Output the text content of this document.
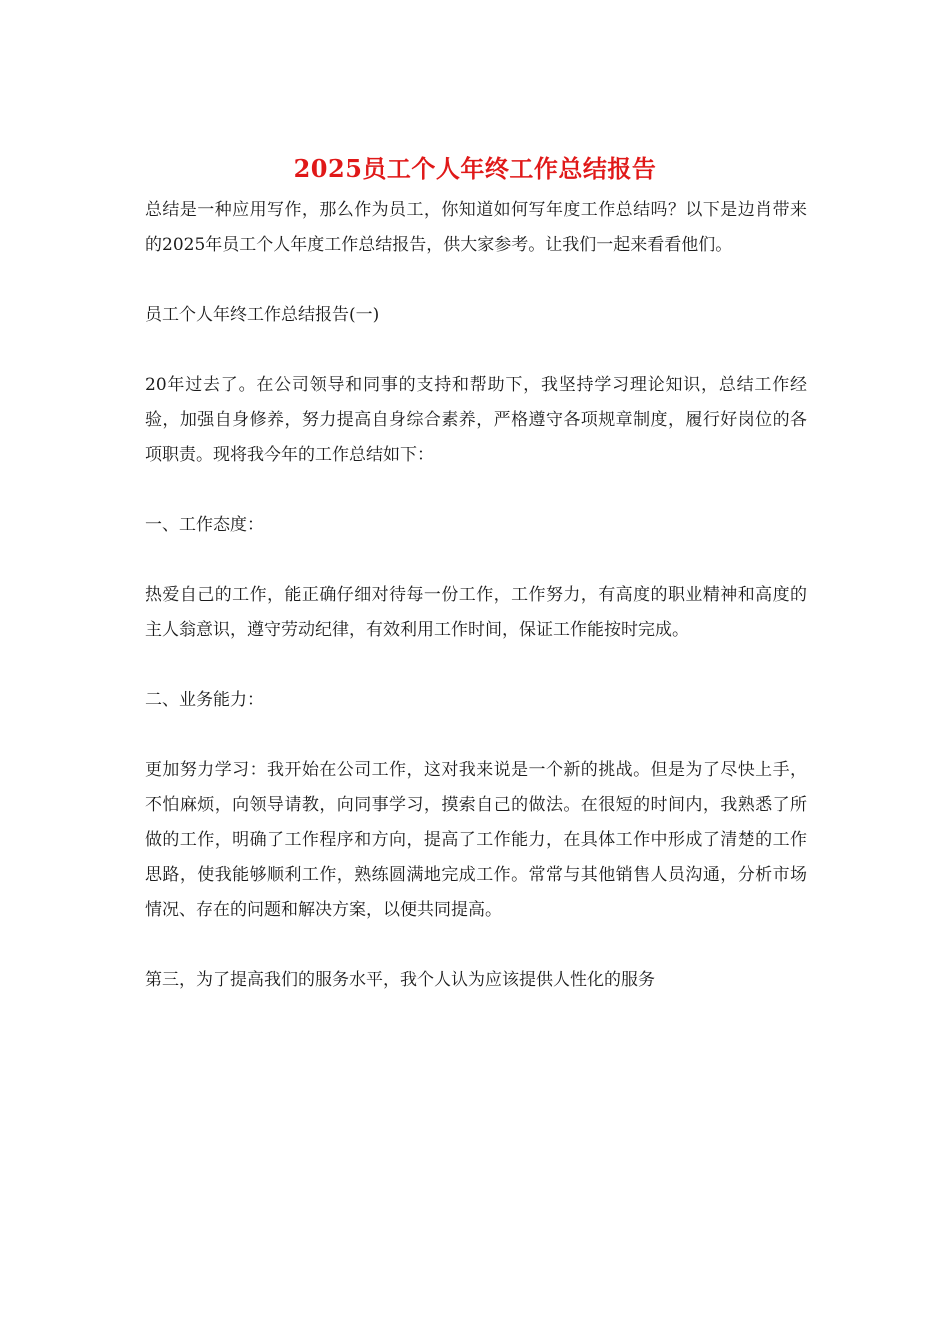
2025员工个人年终工作总结报告

总结是一种应用写作，那么作为员工，你知道如何写年度工作总结吗？以下是边肖带来的2025年员工个人年度工作总结报告，供大家参考。让我们一起来看看他们。

员工个人年终工作总结报告(一)

20年过去了。在公司领导和同事的支持和帮助下，我坚持学习理论知识，总结工作经验，加强自身修养，努力提高自身综合素养，严格遵守各项规章制度，履行好岗位的各项职责。现将我今年的工作总结如下：

一、工作态度：

热爱自己的工作，能正确仔细对待每一份工作，工作努力，有高度的职业精神和高度的主人翁意识，遵守劳动纪律，有效利用工作时间，保证工作能按时完成。

二、业务能力：

更加努力学习：我开始在公司工作，这对我来说是一个新的挑战。但是为了尽快上手，不怕麻烦，向领导请教，向同事学习，摸索自己的做法。在很短的时间内，我熟悉了所做的工作，明确了工作程序和方向，提高了工作能力，在具体工作中形成了清楚的工作思路，使我能够顺利工作，熟练圆满地完成工作。常常与其他销售人员沟通，分析市场情况、存在的问题和解决方案，以便共同提高。

第三，为了提高我们的服务水平，我个人认为应该提供人性化的服务
